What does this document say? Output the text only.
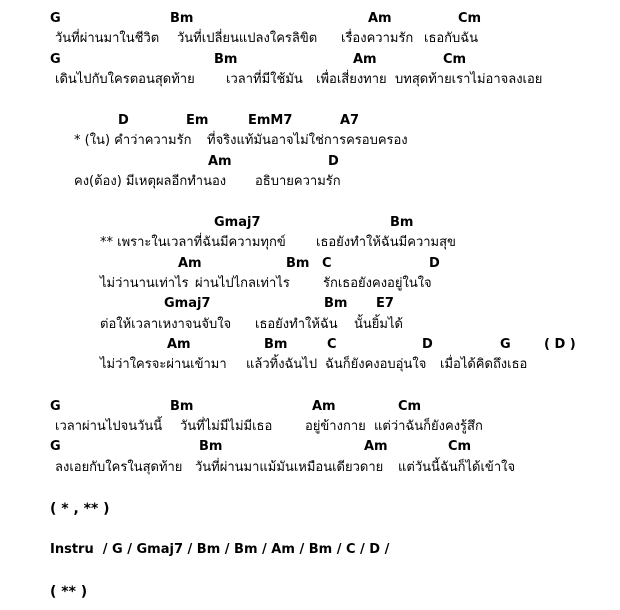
G	Bm	Am	Cm
วันที่ผ่านมาในชีวิต วันที่เปลี่ยนแปลงใครลิขิต เรื่องความรัก เธอกับฉัน
G	Bm	Am	Cm
เดินไปกับใครตอนสุดท้าย เวลาที่มีใช้มัน เพื่อเสี่ยงทาย บทสุดท้ายเราไม่อาจลงเอย
D	Em	EmM7	A7
* (ใน) คำว่าความรัก ที่จริงแท้มันอาจไม่ใช่การครอบครอง
Am	D
คง(ต้อง) มีเหตุผลอีกทำนอง อธิบายความรัก
Gmaj7	Bm
** เพราะในเวลาที่ฉันมีความทุกข์ เธอยังทำให้ฉันมีความสุข
Am	Bm C	D
ไม่ว่านานเท่าไร ผ่านไปไกลเท่าไร	รักเธอยังคงอยู่ในใจ
Gmaj7	Bm E7
ต่อให้เวลาเหงาจนจับใจ เธอยังทำให้ฉัน นั้นยิ้มได้
Am	Bm	C	D	G	( D )
ไม่ว่าใครจะผ่านเข้ามา แล้วทิ้งฉันไป ฉันก็ยังคงอบอุ่นใจ เมื่อได้คิดถึงเธอ
G	Bm	Am	Cm
เวลาผ่านไปจนวันนี้ วันที่ไม่มีไม่มีเธอ	อยู่ข้างกาย แต่ว่าฉันก็ยังคงรู้สึก
G	Bm	Am	Cm
ลงเอยกับใครในสุดท้าย วันที่ผ่านมาแม้มันเหมือนเดียวดาย แต่วันนี้ฉันก็ได้เข้าใจ
( * , ** )
Instru  / G / Gmaj7 / Bm / Bm / Am / Bm / C / D /
( ** )
